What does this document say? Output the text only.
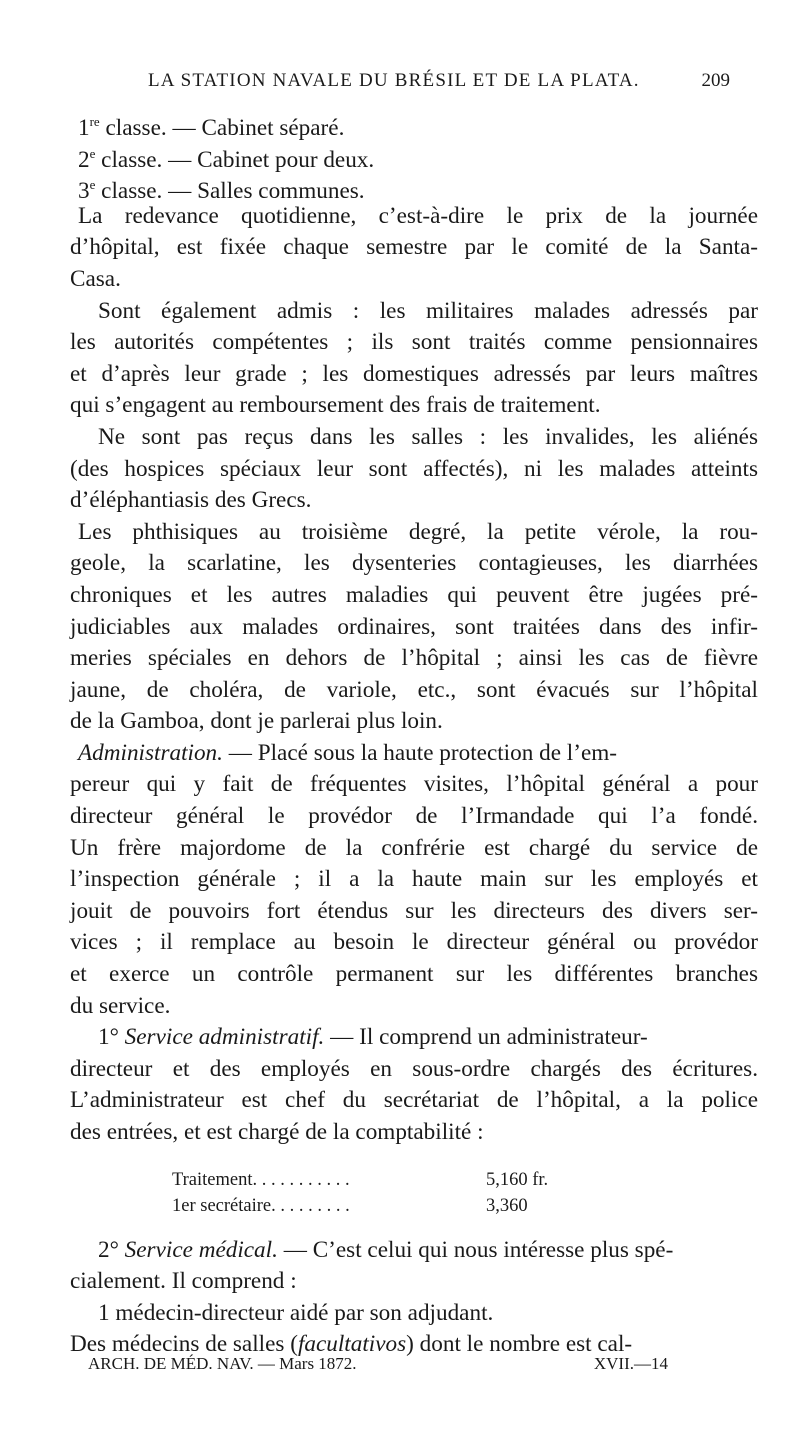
LA STATION NAVALE DU BRÉSIL ET DE LA PLATA.	209
1re classe. — Cabinet séparé.
2e classe. — Cabinet pour deux.
3e classe. — Salles communes.
La redevance quotidienne, c’est-à-dire le prix de la journée
d’hôpital, est fixée chaque semestre par le comité de la Santa-
Casa.
Sont également admis : les militaires malades adressés par
les autorités compétentes ; ils sont traités comme pensionnaires
et d’après leur grade ; les domestiques adressés par leurs maîtres
qui s’engagent au remboursement des frais de traitement.
Ne sont pas reçus dans les salles : les invalides, les aliénés
(des hospices spéciaux leur sont affectés), ni les malades atteints
d’éléphantiasis des Grecs.
Les phthisiques au troisième degré, la petite vérole, la rou-
geole, la scarlatine, les dysenteries contagieuses, les diarrhées
chroniques et les autres maladies qui peuvent être jugées pré-
judiciables aux malades ordinaires, sont traitées dans des infir-
meries spéciales en dehors de l’hôpital ; ainsi les cas de fièvre
jaune, de choléra, de variole, etc., sont évacués sur l’hôpital
de la Gamboa, dont je parlerai plus loin.
Administration. — Placé sous la haute protection de l’em-
pereur qui y fait de fréquentes visites, l’hôpital général a pour
directeur général le provédor de l’Irmandade qui l’a fondé.
Un frère majordome de la confrérie est chargé du service de
l’inspection générale ; il a la haute main sur les employés et
jouit de pouvoirs fort étendus sur les directeurs des divers ser-
vices ; il remplace au besoin le directeur général ou provédor
et exerce un contrôle permanent sur les différentes branches
du service.
1° Service administratif. — Il comprend un administrateur-
directeur et des employés en sous-ordre chargés des écritures.
L’administrateur est chef du secrétariat de l’hôpital, a la police
des entrées, et est chargé de la comptabilité :
Traitement. . . . . . . . . . .	5,160 fr.
1er secrétaire. . . . . . . . .	3,360
2° Service médical. — C’est celui qui nous intéresse plus spé-
cialement. Il comprend :
1 médecin-directeur aidé par son adjudant.
Des médecins de salles (facultativos) dont le nombre est cal-
ARCH. DE MÉD. NAV. — Mars 1872.	XVII.—14
